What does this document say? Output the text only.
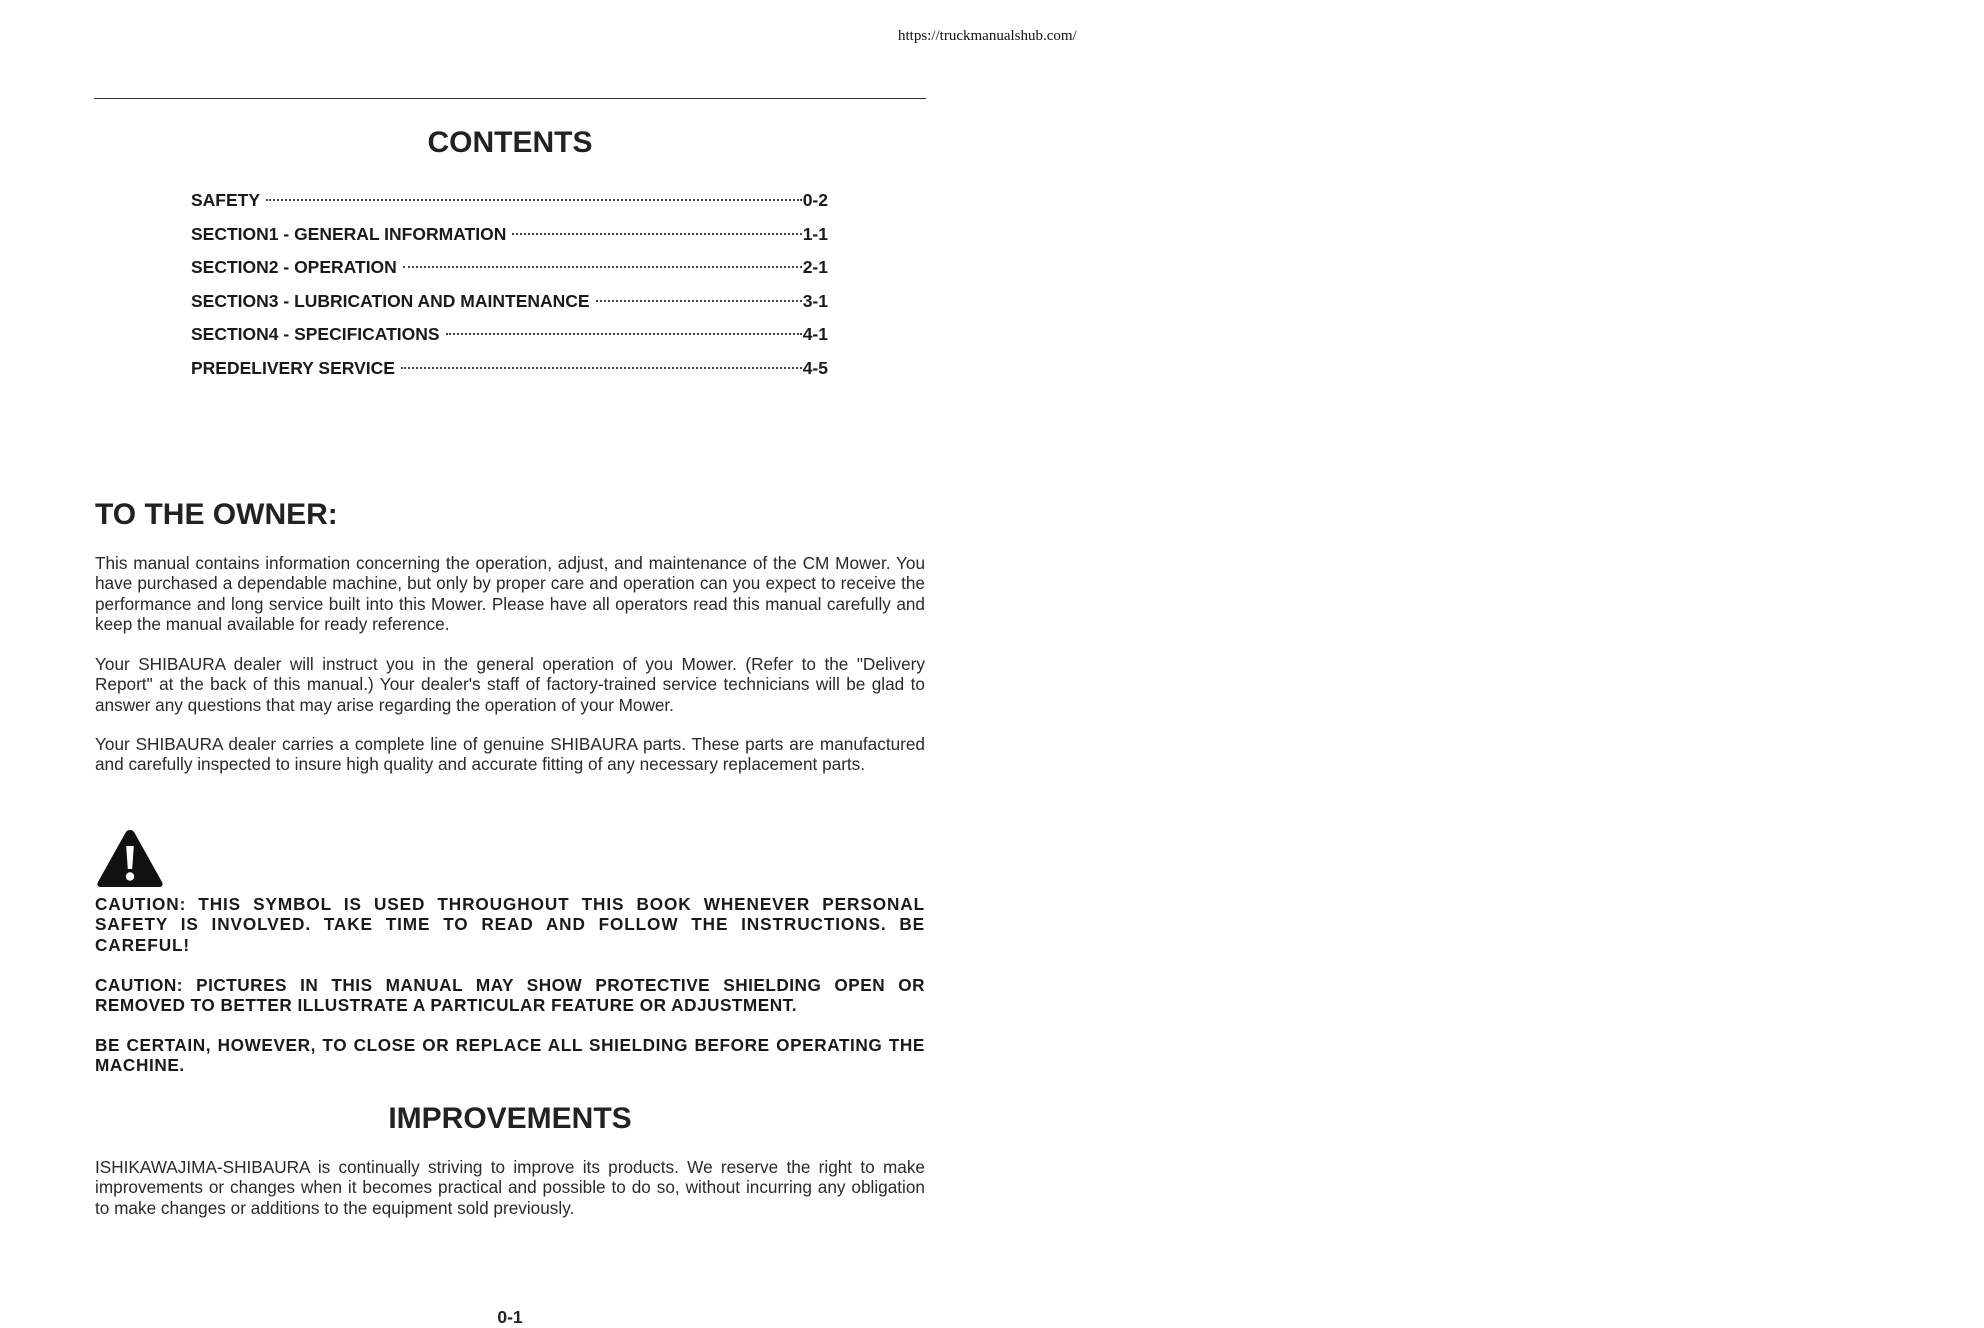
https://truckmanualshub.com/
CONTENTS
SAFETY	0-2
SECTION1 - GENERAL INFORMATION	1-1
SECTION2 - OPERATION	2-1
SECTION3 - LUBRICATION AND MAINTENANCE	3-1
SECTION4 - SPECIFICATIONS	4-1
PREDELIVERY SERVICE	4-5
TO THE OWNER:

This manual contains information concerning the operation, adjust, and maintenance of the CM Mower. You have purchased a dependable machine, but only by proper care and operation can you expect to receive the performance and long service built into this Mower. Please have all operators read this manual carefully and keep the manual available for ready reference.

Your SHIBAURA dealer will instruct you in the general operation of you Mower. (Refer to the "Delivery Report" at the back of this manual.) Your dealer's staff of factory-trained service technicians will be glad to answer any questions that may arise regarding the operation of your Mower.

Your SHIBAURA dealer carries a complete line of genuine SHIBAURA parts. These parts are manufactured and carefully inspected to insure high quality and accurate fitting of any necessary replacement parts.

CAUTION: THIS SYMBOL IS USED THROUGHOUT THIS BOOK WHENEVER PERSONAL SAFETY IS INVOLVED. TAKE TIME TO READ AND FOLLOW THE INSTRUCTIONS. BE CAREFUL!

CAUTION: PICTURES IN THIS MANUAL MAY SHOW PROTECTIVE SHIELDING OPEN OR REMOVED TO BETTER ILLUSTRATE A PARTICULAR FEATURE OR ADJUSTMENT.

BE CERTAIN, HOWEVER, TO CLOSE OR REPLACE ALL SHIELDING BEFORE OPERATING THE MACHINE.

IMPROVEMENTS

ISHIKAWAJIMA-SHIBAURA is continually striving to improve its products. We reserve the right to make improvements or changes when it becomes practical and possible to do so, without incurring any obligation to make changes or additions to the equipment sold previously.

0-1
